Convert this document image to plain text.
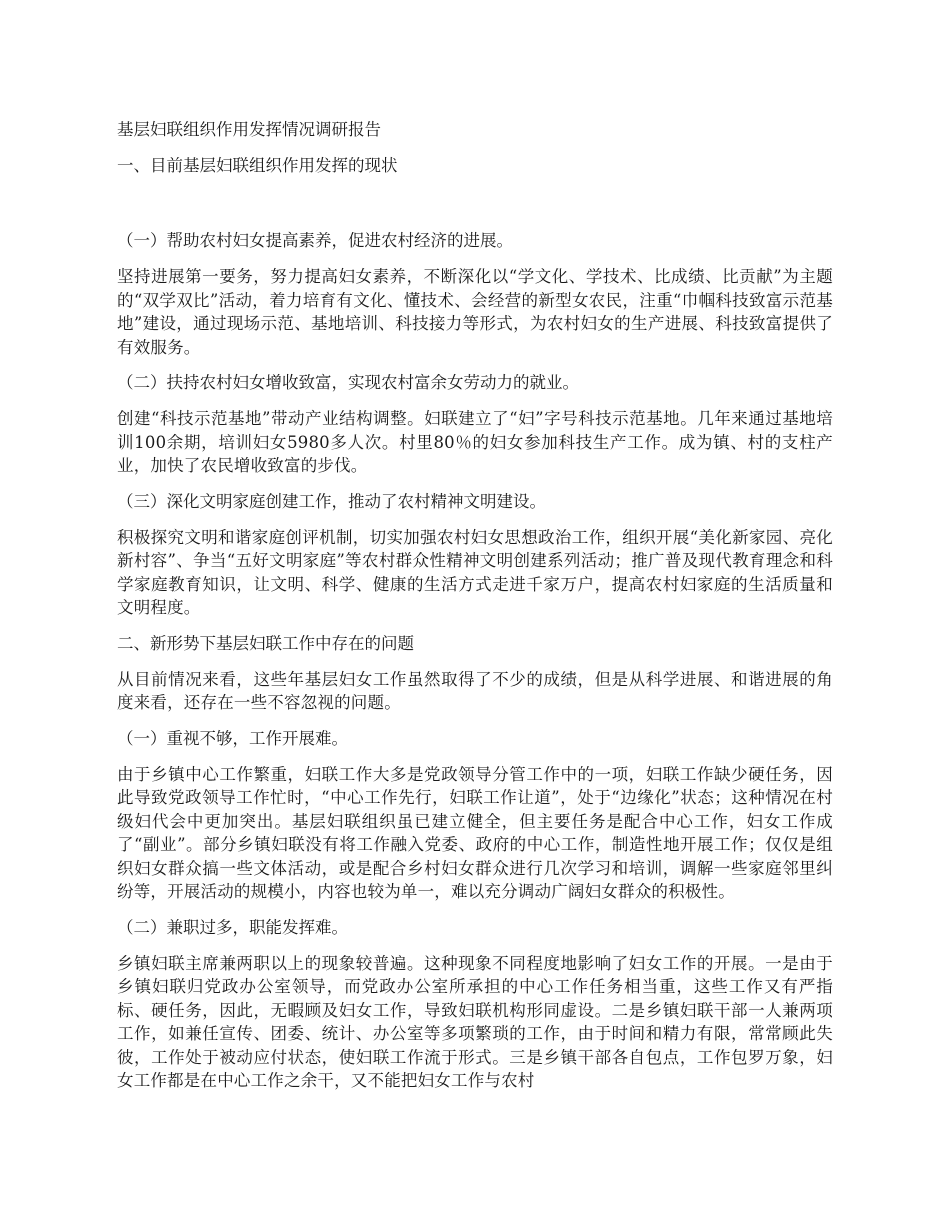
基层妇联组织作用发挥情况调研报告

一、目前基层妇联组织作用发挥的现状

（一）帮助农村妇女提高素养，促进农村经济的进展。

坚持进展第一要务，努力提高妇女素养，不断深化以“学文化、学技术、比成绩、比贡献”为主题的“双学双比”活动，着力培育有文化、懂技术、会经营的新型女农民，注重“巾帼科技致富示范基地”建设，通过现场示范、基地培训、科技接力等形式，为农村妇女的生产进展、科技致富提供了有效服务。

（二）扶持农村妇女增收致富，实现农村富余女劳动力的就业。

创建“科技示范基地”带动产业结构调整。妇联建立了“妇”字号科技示范基地。几年来通过基地培训100余期，培训妇女5980多人次。村里80％的妇女参加科技生产工作。成为镇、村的支柱产业，加快了农民增收致富的步伐。

（三）深化文明家庭创建工作，推动了农村精神文明建设。

积极探究文明和谐家庭创评机制，切实加强农村妇女思想政治工作，组织开展“美化新家园、亮化新村容”、争当“五好文明家庭”等农村群众性精神文明创建系列活动；推广普及现代教育理念和科学家庭教育知识，让文明、科学、健康的生活方式走进千家万户，提高农村妇家庭的生活质量和文明程度。

二、新形势下基层妇联工作中存在的问题

从目前情况来看，这些年基层妇女工作虽然取得了不少的成绩，但是从科学进展、和谐进展的角度来看，还存在一些不容忽视的问题。

（一）重视不够，工作开展难。

由于乡镇中心工作繁重，妇联工作大多是党政领导分管工作中的一项，妇联工作缺少硬任务，因此导致党政领导工作忙时，“中心工作先行，妇联工作让道”，处于“边缘化”状态；这种情况在村级妇代会中更加突出。基层妇联组织虽已建立健全，但主要任务是配合中心工作，妇女工作成了“副业”。部分乡镇妇联没有将工作融入党委、政府的中心工作，制造性地开展工作；仅仅是组织妇女群众搞一些文体活动，或是配合乡村妇女群众进行几次学习和培训，调解一些家庭邻里纠纷等，开展活动的规模小，内容也较为单一，难以充分调动广阔妇女群众的积极性。

（二）兼职过多，职能发挥难。

乡镇妇联主席兼两职以上的现象较普遍。这种现象不同程度地影响了妇女工作的开展。一是由于乡镇妇联归党政办公室领导，而党政办公室所承担的中心工作任务相当重，这些工作又有严指标、硬任务，因此，无暇顾及妇女工作，导致妇联机构形同虚设。二是乡镇妇联干部一人兼两项工作，如兼任宣传、团委、统计、办公室等多项繁琐的工作，由于时间和精力有限，常常顾此失彼，工作处于被动应付状态，使妇联工作流于形式。三是乡镇干部各自包点，工作包罗万象，妇女工作都是在中心工作之余干，又不能把妇女工作与农村
